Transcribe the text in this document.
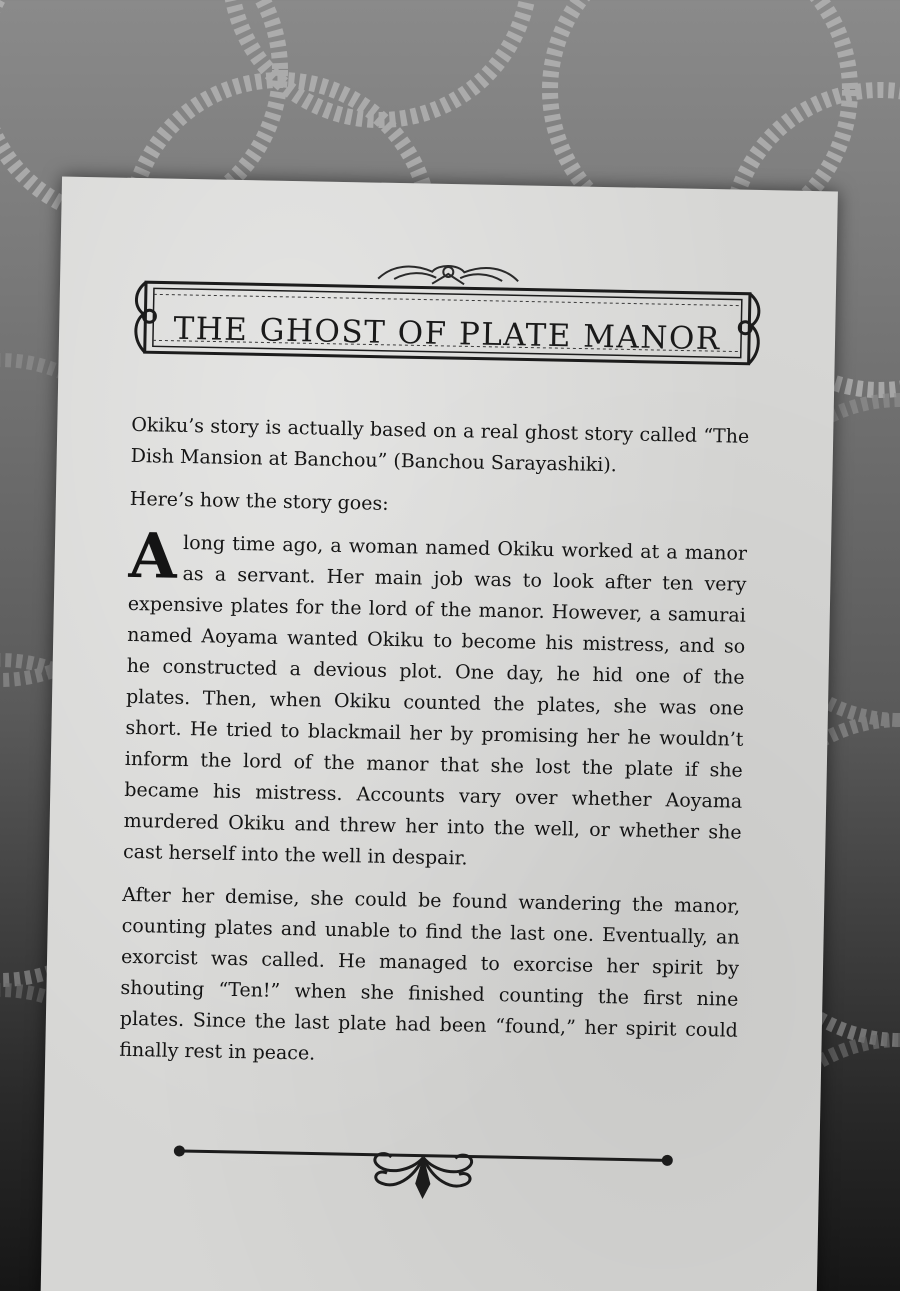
THE GHOST OF PLATE MANOR

Okiku’s story is actually based on a real ghost story called “The Dish Mansion at Banchou” (Banchou Sarayashiki).

Here’s how the story goes:

A long time ago, a woman named Okiku worked at a manor as a servant. Her main job was to look after ten very expensive plates for the lord of the manor. However, a samurai named Aoyama wanted Okiku to become his mistress, and so he constructed a devious plot. One day, he hid one of the plates. Then, when Okiku counted the plates, she was one short. He tried to blackmail her by promising her he wouldn’t inform the lord of the manor that she lost the plate if she became his mistress. Accounts vary over whether Aoyama murdered Okiku and threw her into the well, or whether she cast herself into the well in despair.

After her demise, she could be found wandering the manor, counting plates and unable to find the last one. Eventually, an exorcist was called. He managed to exorcise her spirit by shouting “Ten!” when she finished counting the first nine plates. Since the last plate had been “found,” her spirit could finally rest in peace.
